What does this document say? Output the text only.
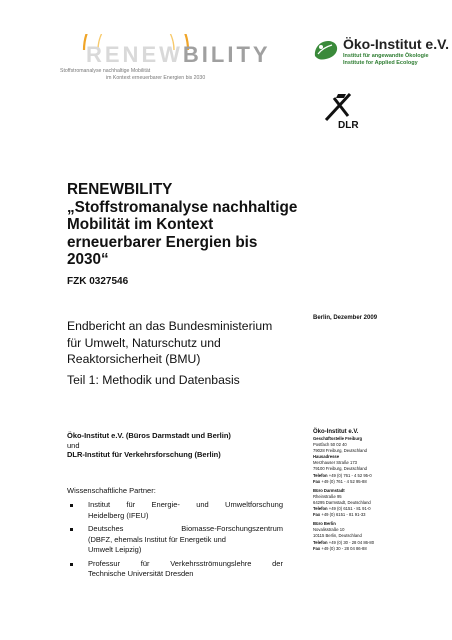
RENEWBILITY
Stoffstromanalyse nachhaltige Mobilität
im Kontext erneuerbarer Energien bis 2030
Öko-Institut e.V.
Institut für angewandte Ökologie
Institute for Applied Ecology
DLR
RENEWBILITY
„Stoffstromanalyse nachhaltige
Mobilität im Kontext
erneuerbarer Energien bis
2030“
FZK 0327546
Berlin, Dezember 2009
Endbericht an das Bundesministerium
für Umwelt, Naturschutz und
Reaktorsicherheit (BMU)
Teil 1: Methodik und Datenbasis
Öko-Institut e.V. (Büros Darmstadt und Berlin)
und
DLR-Institut für Verkehrsforschung (Berlin)
Wissenschaftliche Partner:
Institut für Energie- und Umweltforschung
Heidelberg (IFEU)
Deutsches	Biomasse-Forschungszentrum
(DBFZ, ehemals Institut für Energetik und
Umwelt Leipzig)
Professur	für	Verkehrsströmungslehre	der
Technische Universität Dresden
Öko-Institut e.V.
Geschäftsstelle Freiburg
Postfach 50 02 40
79028 Freiburg, Deutschland
Hausadresse
Merzhauser Straße 173
79100 Freiburg, Deutschland
Telefon +49 (0) 761 - 4 52 95-0
Fax +49 (0) 761 - 4 52 95-88
Büro Darmstadt
Rheinstraße 95
64295 Darmstadt, Deutschland
Telefon +49 (0) 6151 - 81 91-0
Fax +49 (0) 6151 - 81 91-33
Büro Berlin
Novalisstraße 10
10115 Berlin, Deutschland
Telefon +49 (0) 30 - 28 04 86-80
Fax +49 (0) 30 - 28 04 86-88
